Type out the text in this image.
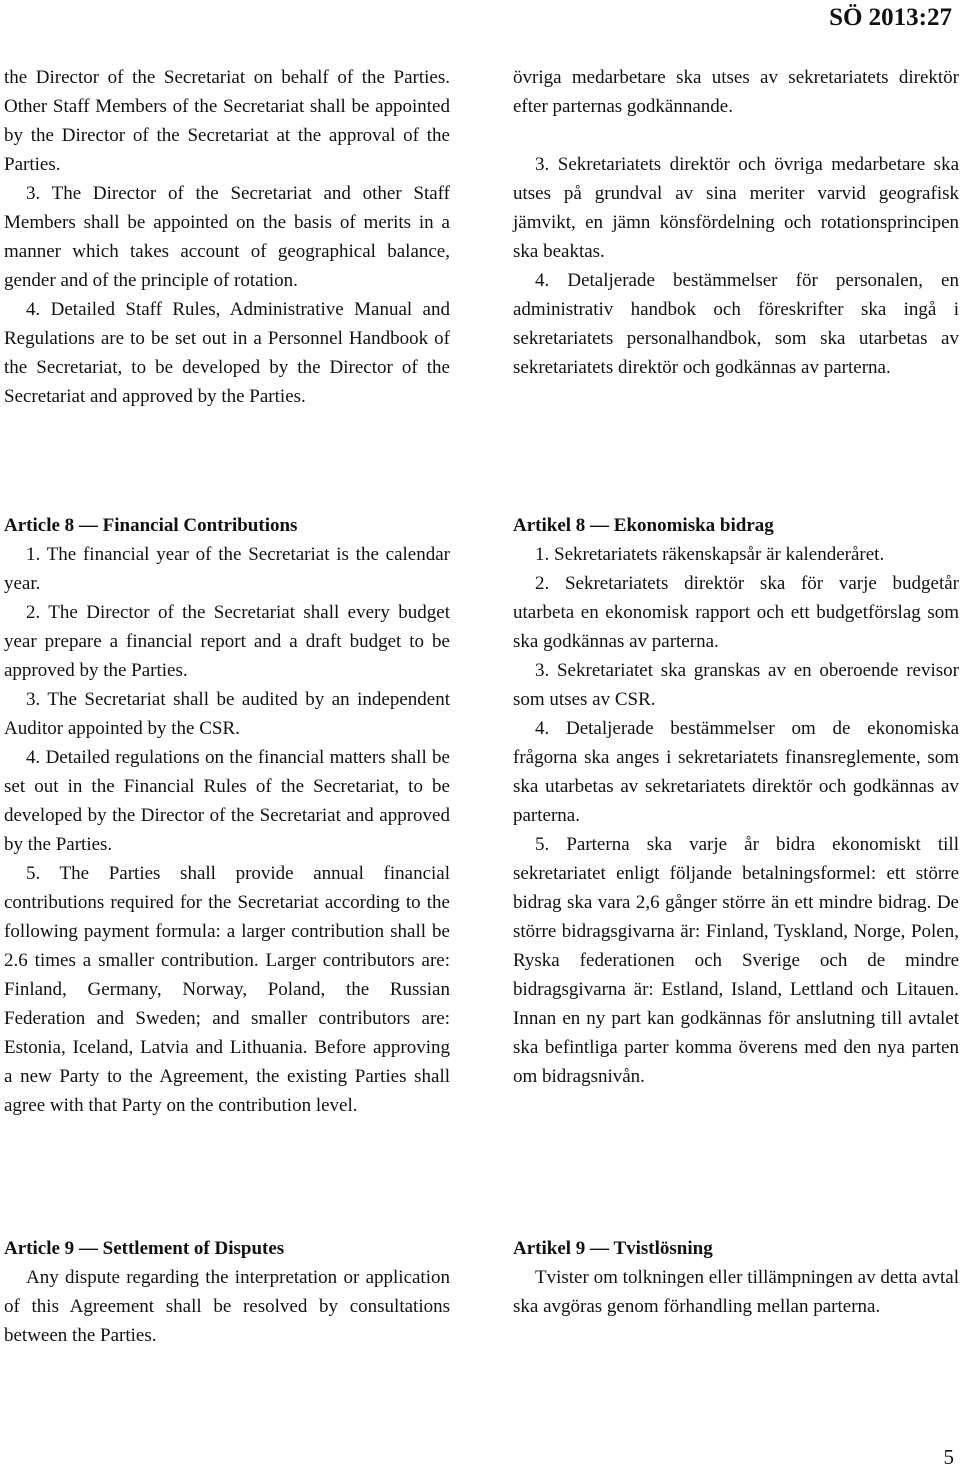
SÖ 2013:27

the Director of the Secretariat on behalf of the Parties. Other Staff Members of the Secretariat shall be appointed by the Director of the Secretariat at the approval of the Parties.

3. The Director of the Secretariat and other Staff Members shall be appointed on the basis of merits in a manner which takes account of geographical balance, gender and of the principle of rotation.

4. Detailed Staff Rules, Administrative Manual and Regulations are to be set out in a Personnel Handbook of the Secretariat, to be developed by the Director of the Secretariat and approved by the Parties.

övriga medarbetare ska utses av sekretariatets direktör efter parternas godkännande.

3. Sekretariatets direktör och övriga medarbetare ska utses på grundval av sina meriter varvid geografisk jämvikt, en jämn könsfördelning och rotationsprincipen ska beaktas.

4. Detaljerade bestämmelser för personalen, en administrativ handbok och föreskrifter ska ingå i sekretariatets personalhandbok, som ska utarbetas av sekretariatets direktör och godkännas av parterna.

Article 8 — Financial Contributions

1. The financial year of the Secretariat is the calendar year.

2. The Director of the Secretariat shall every budget year prepare a financial report and a draft budget to be approved by the Parties.

3. The Secretariat shall be audited by an independent Auditor appointed by the CSR.

4. Detailed regulations on the financial matters shall be set out in the Financial Rules of the Secretariat, to be developed by the Director of the Secretariat and approved by the Parties.

5. The Parties shall provide annual financial contributions required for the Secretariat according to the following payment formula: a larger contribution shall be 2.6 times a smaller contribution. Larger contributors are: Finland, Germany, Norway, Poland, the Russian Federation and Sweden; and smaller contributors are: Estonia, Iceland, Latvia and Lithuania. Before approving a new Party to the Agreement, the existing Parties shall agree with that Party on the contribution level.

Artikel 8 — Ekonomiska bidrag

1. Sekretariatets räkenskapsår är kalenderåret.

2. Sekretariatets direktör ska för varje budgetår utarbeta en ekonomisk rapport och ett budgetförslag som ska godkännas av parterna.

3. Sekretariatet ska granskas av en oberoende revisor som utses av CSR.

4. Detaljerade bestämmelser om de ekonomiska frågorna ska anges i sekretariatets finansreglemente, som ska utarbetas av sekretariatets direktör och godkännas av parterna.

5. Parterna ska varje år bidra ekonomiskt till sekretariatet enligt följande betalningsformel: ett större bidrag ska vara 2,6 gånger större än ett mindre bidrag. De större bidragsgivarna är: Finland, Tyskland, Norge, Polen, Ryska federationen och Sverige och de mindre bidragsgivarna är: Estland, Island, Lettland och Litauen. Innan en ny part kan godkännas för anslutning till avtalet ska befintliga parter komma överens med den nya parten om bidragsnivån.

Article 9 — Settlement of Disputes

Any dispute regarding the interpretation or application of this Agreement shall be resolved by consultations between the Parties.

Artikel 9 — Tvistlösning

Tvister om tolkningen eller tillämpningen av detta avtal ska avgöras genom förhandling mellan parterna.

5
